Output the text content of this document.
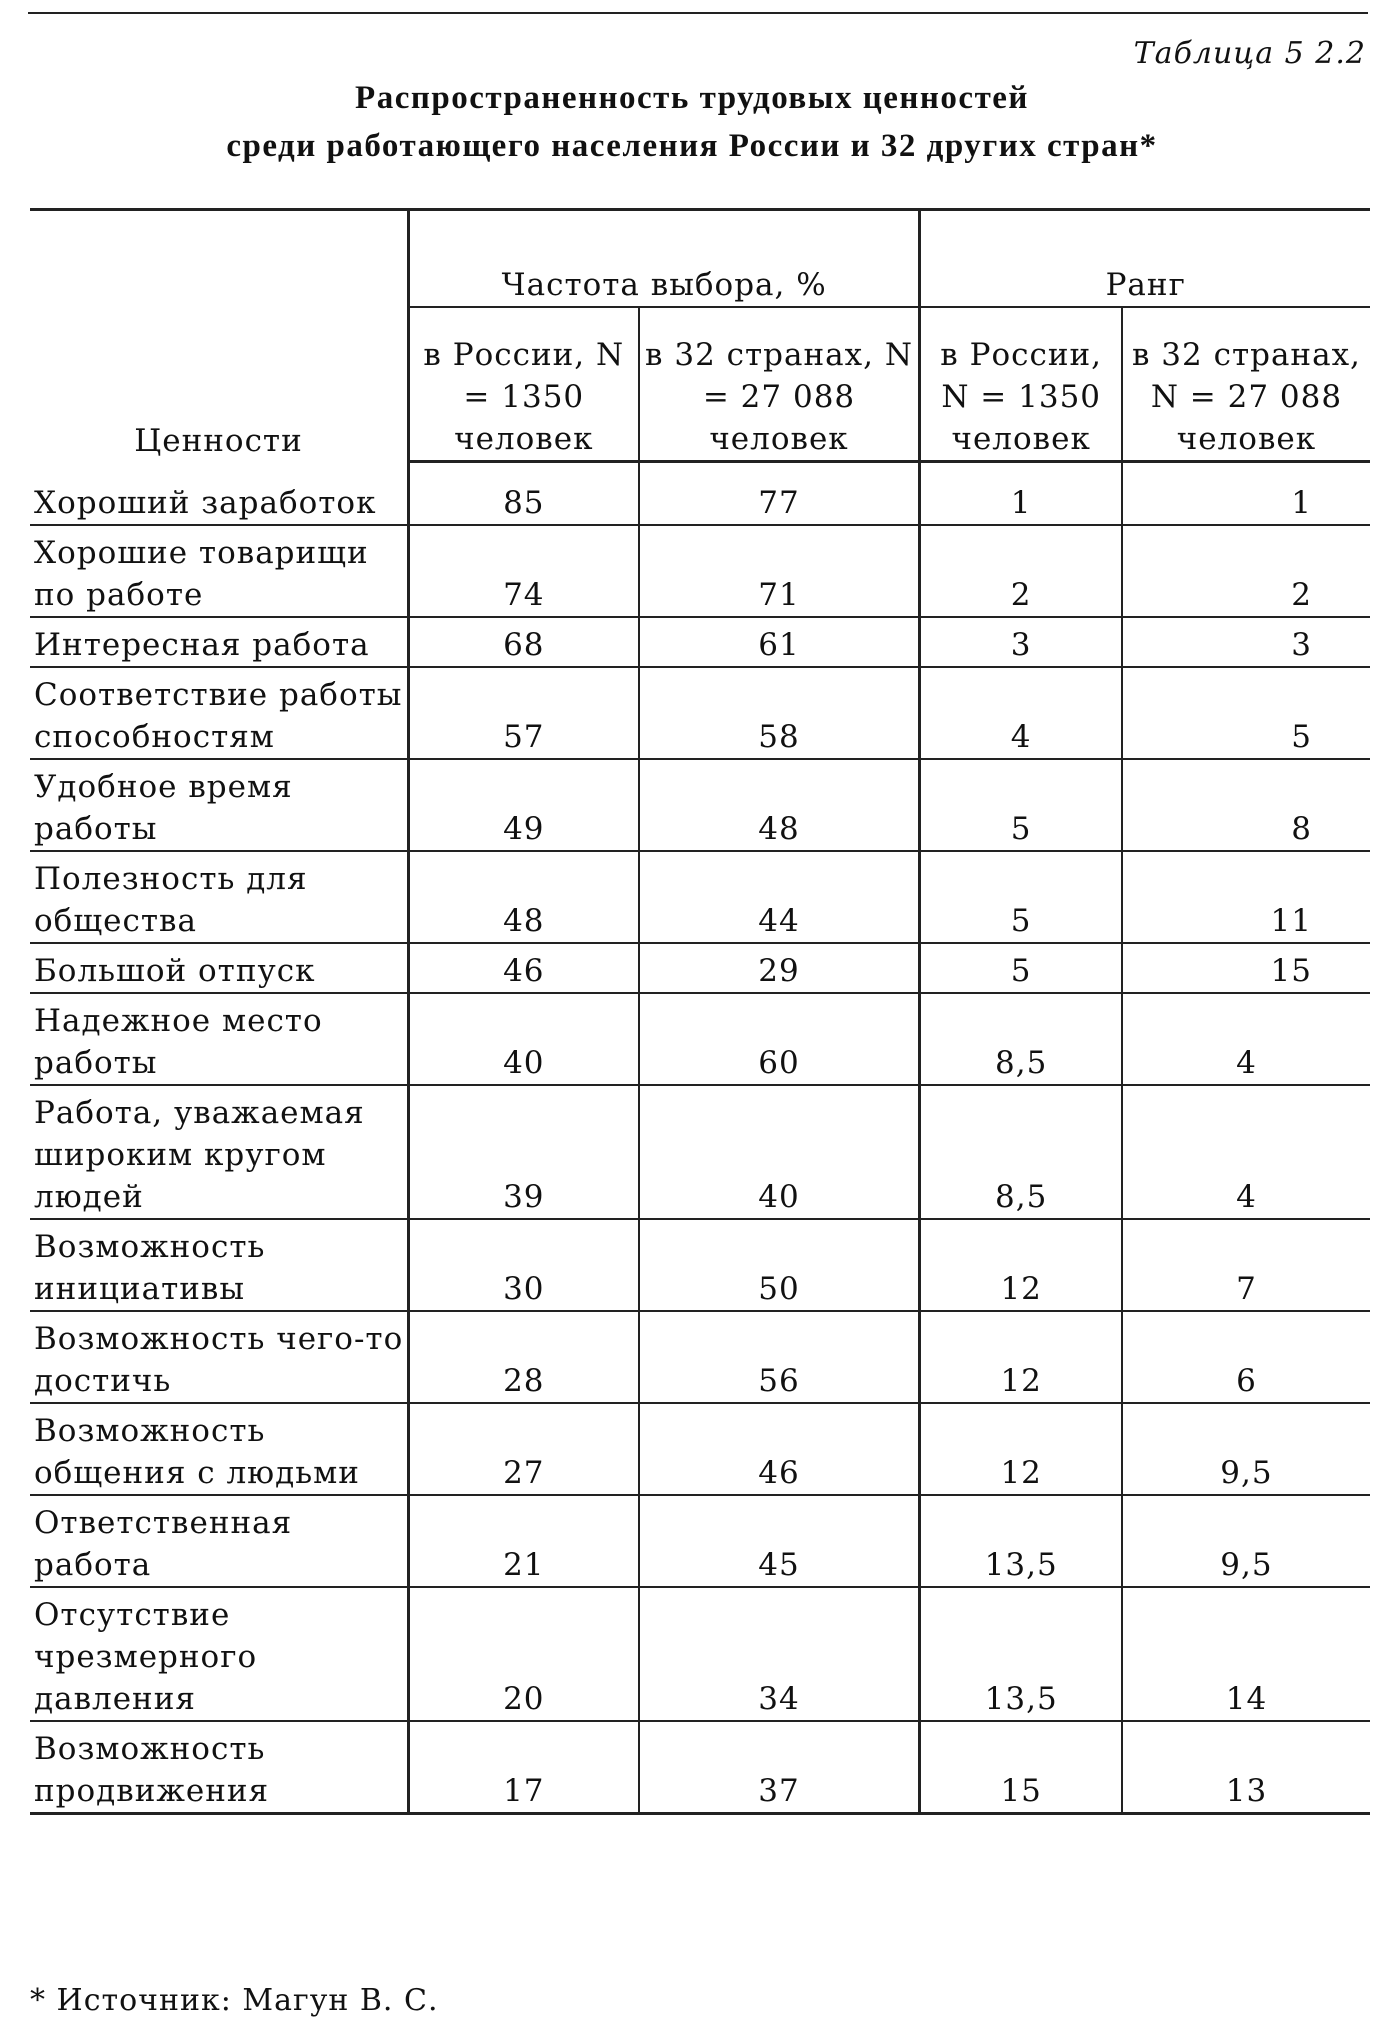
Таблица 5 2.2
Распространенность трудовых ценностей
среди работающего населения России и 32 других стран*
Ценности	Частота выбора, %		Ранг	
	в России, N = 1350 человек	в 32 странах, N = 27 088 человек	в России, N = 1350 человек	в 32 странах, N = 27 088 человек
Хороший заработок	85	77	1	1
Хорошие товарищи по работе	74	71	2	2
Интересная работа	68	61	3	3
Соответствие работы способностям	57	58	4	5
Удобное время работы	49	48	5	8
Полезность для общества	48	44	5	11
Большой отпуск	46	29	5	15
Надежное место работы	40	60	8,5	4
Работа, уважаемая широким кругом людей	39	40	8,5	4
Возможность инициативы	30	50	12	7
Возможность чего-то достичь	28	56	12	6
Возможность общения с людьми	27	46	12	9,5
Ответственная работа	21	45	13,5	9,5
Отсутствие чрезмерного давления	20	34	13,5	14
Возможность продвижения	17	37	15	13
* Источник: Магун В. С.
